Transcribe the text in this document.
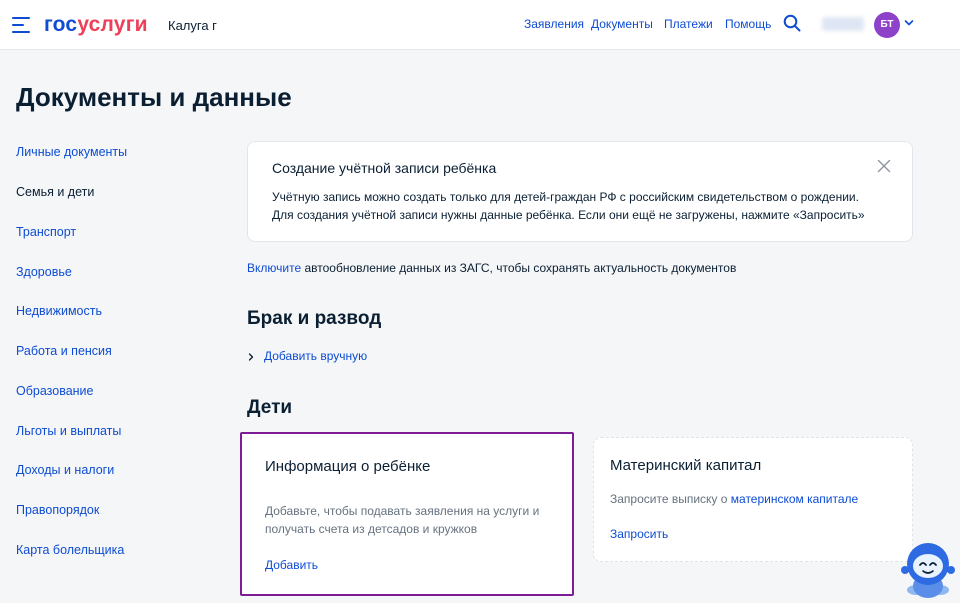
госуслуги Калуга г	Заявления Документы Платежи Помощь	БТ
Документы и данные
Личные документы
Семья и дети
Транспорт
Здоровье
Недвижимость
Работа и пенсия
Образование
Льготы и выплаты
Доходы и налоги
Правопорядок
Карта болельщика
Создание учётной записи ребёнка
Учётную запись можно создать только для детей-граждан РФ с российским свидетельством о рождении.
Для создания учётной записи нужны данные ребёнка. Если они ещё не загружены, нажмите «Запросить»
Включите автообновление данных из ЗАГС, чтобы сохранять актуальность документов
Брак и развод
Добавить вручную
Дети
Информация о ребёнке
Добавьте, чтобы подавать заявления на услуги и
получать счета из детсадов и кружков
Добавить
Материнский капитал
Запросите выписку о материнском капитале
Запросить
